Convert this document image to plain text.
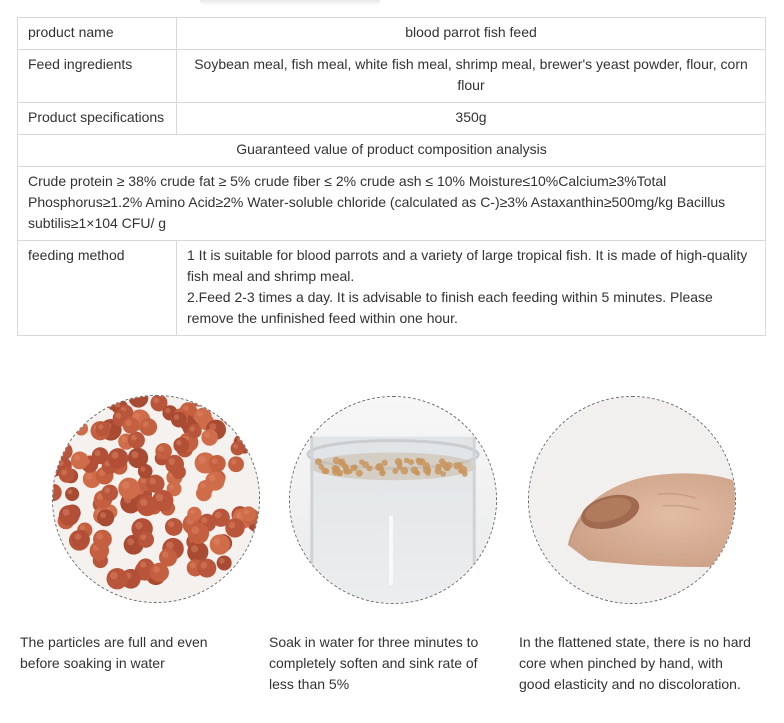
product name	blood parrot fish feed
Feed ingredients	Soybean meal, fish meal, white fish meal, shrimp meal, brewer's yeast powder, flour, corn flour
Product specifications	350g
Guaranteed value of product composition analysis	
Crude protein ≥ 38% crude fat ≥ 5% crude fiber ≤ 2% crude ash ≤ 10% Moisture≤10%Calcium≥3%Total Phosphorus≥1.2% Amino Acid≥2% Water-soluble chloride (calculated as C-)≥3% Astaxanthin≥500mg/kg Bacillus subtilis≥1×104 CFU/ g	
feeding method	1 It is suitable for blood parrots and a variety of large tropical fish. It is made of high-quality fish meal and shrimp meal.
2.Feed 2-3 times a day. It is advisable to finish each feeding within 5 minutes. Please remove the unfinished feed within one hour.
The particles are full and even before soaking in water
Soak in water for three minutes to completely soften and sink rate of less than 5%
In the flattened state, there is no hard core when pinched by hand, with good elasticity and no discoloration.
